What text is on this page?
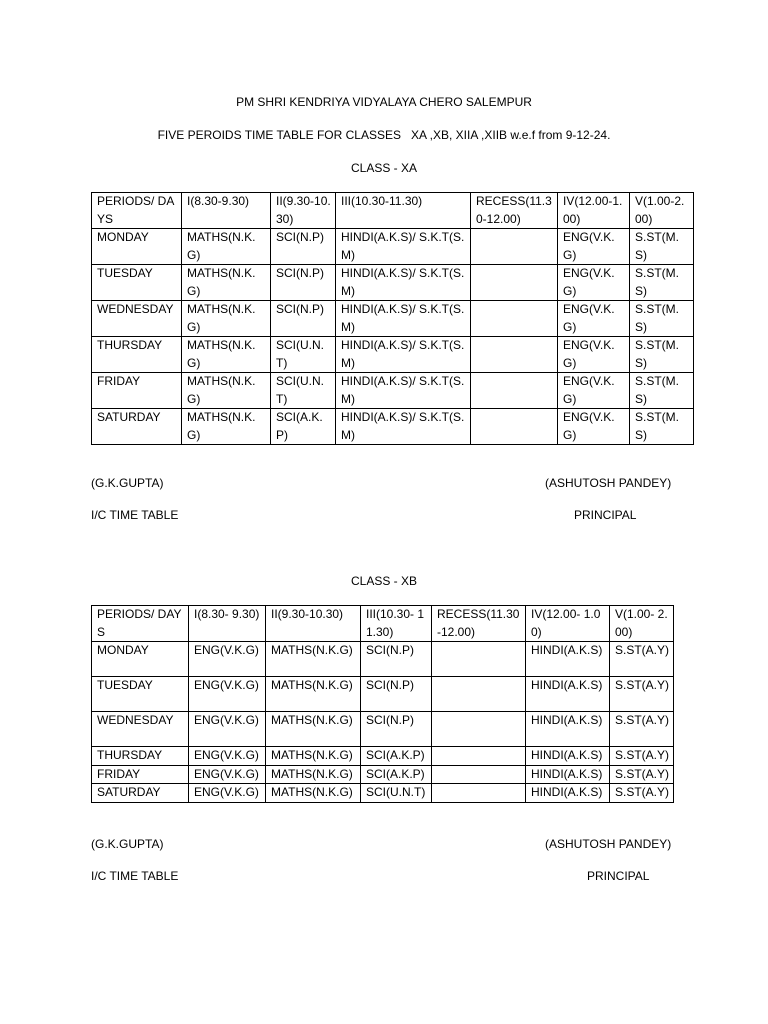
PM SHRI KENDRIYA VIDYALAYA CHERO SALEMPUR
FIVE PEROIDS TIME TABLE FOR CLASSES   XA ,XB, XIIA ,XIIB w.e.f from 9-12-24.
CLASS - XA
PERIODS/ DAYS	I(8.30-9.30)	II(9.30-10.30)	III(10.30-11.30)	RECESS(11.30-12.00)	IV(12.00-1.00)	V(1.00-2.00)
MONDAY	MATHS(N.K.G)	SCI(N.P)	HINDI(A.K.S)/ S.K.T(S.M)		ENG(V.K.G)	S.ST(M.S)
TUESDAY	MATHS(N.K.G)	SCI(N.P)	HINDI(A.K.S)/ S.K.T(S.M)		ENG(V.K.G)	S.ST(M.S)
WEDNESDAY	MATHS(N.K.G)	SCI(N.P)	HINDI(A.K.S)/ S.K.T(S.M)		ENG(V.K.G)	S.ST(M.S)
THURSDAY	MATHS(N.K.G)	SCI(U.N.T)	HINDI(A.K.S)/ S.K.T(S.M)		ENG(V.K.G)	S.ST(M.S)
FRIDAY	MATHS(N.K.G)	SCI(U.N.T)	HINDI(A.K.S)/ S.K.T(S.M)		ENG(V.K.G)	S.ST(M.S)
SATURDAY	MATHS(N.K.G)	SCI(A.K.P)	HINDI(A.K.S)/ S.K.T(S.M)		ENG(V.K.G)	S.ST(M.S)
(G.K.GUPTA)	(ASHUTOSH PANDEY)
I/C TIME TABLE	PRINCIPAL
CLASS - XB
PERIODS/ DAYS	I(8.30- 9.30)	II(9.30-10.30)	III(10.30- 11.30)	RECESS(11.30 -12.00)	IV(12.00- 1.00)	V(1.00- 2.00)
MONDAY	ENG(V.K.G)	MATHS(N.K.G)	SCI(N.P)		HINDI(A.K.S)	S.ST(A.Y)
TUESDAY	ENG(V.K.G)	MATHS(N.K.G)	SCI(N.P)		HINDI(A.K.S)	S.ST(A.Y)
WEDNESDAY	ENG(V.K.G)	MATHS(N.K.G)	SCI(N.P)		HINDI(A.K.S)	S.ST(A.Y)
THURSDAY	ENG(V.K.G)	MATHS(N.K.G)	SCI(A.K.P)		HINDI(A.K.S)	S.ST(A.Y)
FRIDAY	ENG(V.K.G)	MATHS(N.K.G)	SCI(A.K.P)		HINDI(A.K.S)	S.ST(A.Y)
SATURDAY	ENG(V.K.G)	MATHS(N.K.G)	SCI(U.N.T)		HINDI(A.K.S)	S.ST(A.Y)
(G.K.GUPTA)	(ASHUTOSH PANDEY)
I/C TIME TABLE	PRINCIPAL
